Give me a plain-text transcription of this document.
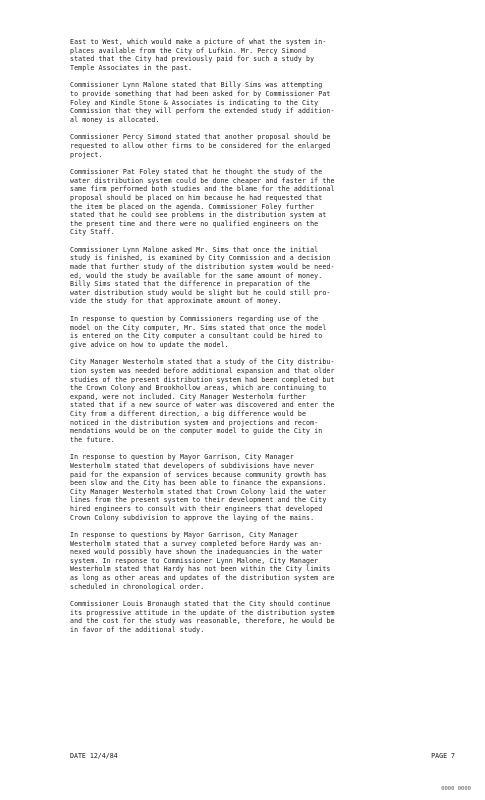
East to West, which would make a picture of what the system in-
places available from the City of Lufkin. Mr. Percy Simond
stated that the City had previously paid for such a study by
Temple Associates in the past.

Commissioner Lynn Malone stated that Billy Sims was attempting
to provide something that had been asked for by Commissioner Pat
Foley and Kindle Stone & Associates is indicating to the City
Commission that they will perform the extended study if addition-
al money is allocated.

Commissioner Percy Simond stated that another proposal should be
requested to allow other firms to be considered for the enlarged
project.

Commissioner Pat Foley stated that he thought the study of the
water distribution system could be done cheaper and faster if the
same firm performed both studies and the blame for the additional
proposal should be placed on him because he had requested that
the item be placed on the agenda. Commissioner Foley further
stated that he could see problems in the distribution system at
the present time and there were no qualified engineers on the
City Staff.

Commissioner Lynn Malone asked Mr. Sims that once the initial
study is finished, is examined by City Commission and a decision
made that further study of the distribution system would be need-
ed, would the study be available for the same amount of money.
Billy Sims stated that the difference in preparation of the
water distribution study would be slight but he could still pro-
vide the study for that approximate amount of money.

In response to question by Commissioners regarding use of the
model on the City computer, Mr. Sims stated that once the model
is entered on the City computer a consultant could be hired to
give advice on how to update the model.

City Manager Westerholm stated that a study of the City distribu-
tion system was needed before additional expansion and that older
studies of the present distribution system had been completed but
the Crown Colony and Brookhollow areas, which are continuing to
expand, were not included. City Manager Westerholm further
stated that if a new source of water was discovered and enter the
City from a different direction, a big difference would be
noticed in the distribution system and projections and recom-
mendations would be on the computer model to guide the City in
the future.

In response to question by Mayor Garrison, City Manager
Westerholm stated that developers of subdivisions have never
paid for the expansion of services because community growth has
been slow and the City has been able to finance the expansions.
City Manager Westerholm stated that Crown Colony laid the water
lines from the present system to their development and the City
hired engineers to consult with their engineers that developed
Crown Colony subdivision to approve the laying of the mains.

In response to questions by Mayor Garrison, City Manager
Westerholm stated that a survey completed before Hardy was an-
nexed would possibly have shown the inadequancies in the water
system. In response to Commissioner Lynn Malone, City Manager
Westerholm stated that Hardy has not been within the City limits
as long as other areas and updates of the distribution system are
scheduled in chronological order.

Commissioner Louis Bronaugh stated that the City should continue
its progressive attitude in the update of the distribution system
and the cost for the study was reasonable, therefore, he would be
in favor of the additional study.

DATE 12/4/84	PAGE 7
0000 0000
